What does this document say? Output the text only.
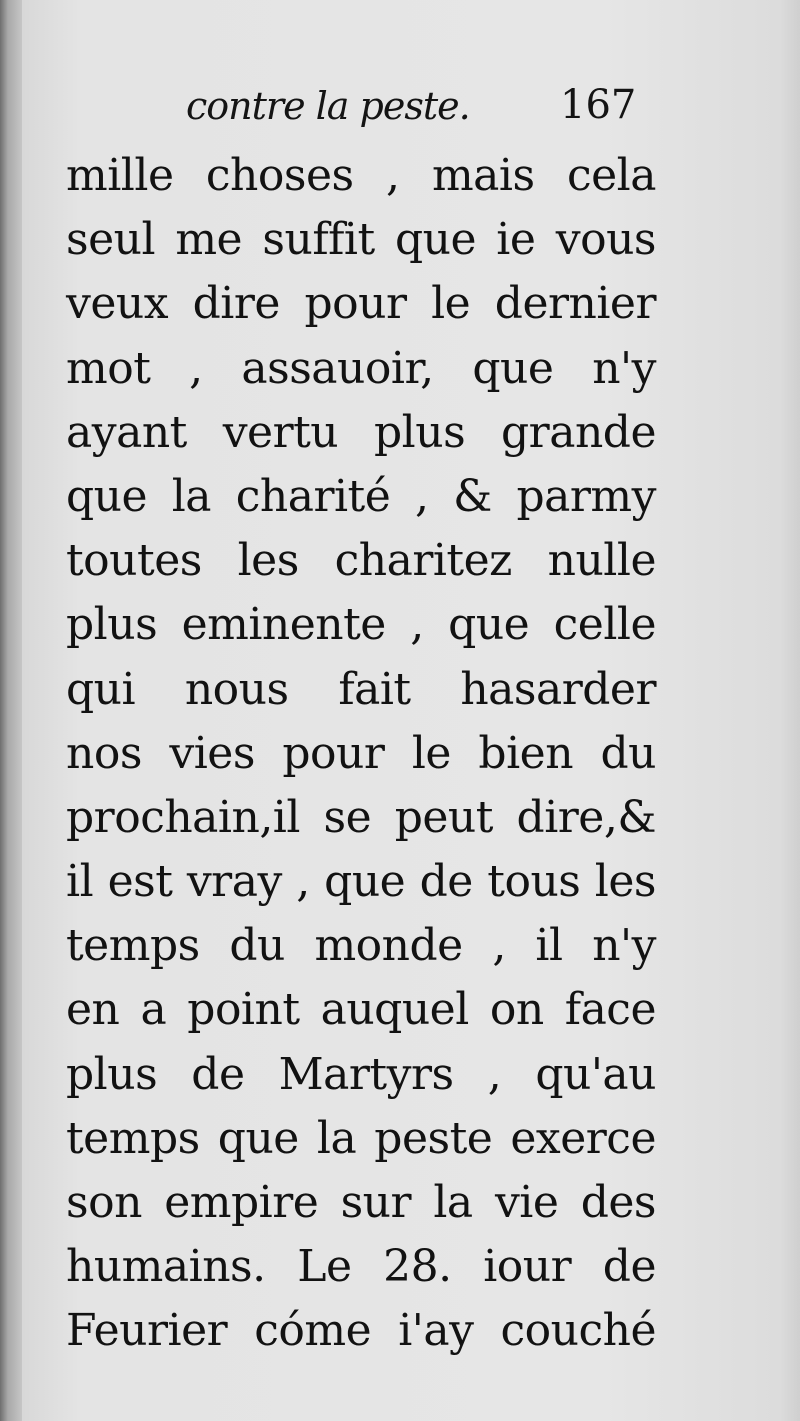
contre la peste. 167
mille choses , mais cela
seul me suffit que ie vous
veux dire pour le dernier
mot , assauoir, que n'y
ayant vertu plus grande
que la charité , & parmy
toutes les charitez nulle
plus eminente , que celle
qui nous fait hasarder
nos vies pour le bien du
prochain,il se peut dire,&
il est vray , que de tous les
temps du monde , il n'y
en a point auquel on face
plus de Martyrs , qu'au
temps que la peste exerce
son empire sur la vie des
humains. Le 28. iour de
Feurier cóme i'ay couché
